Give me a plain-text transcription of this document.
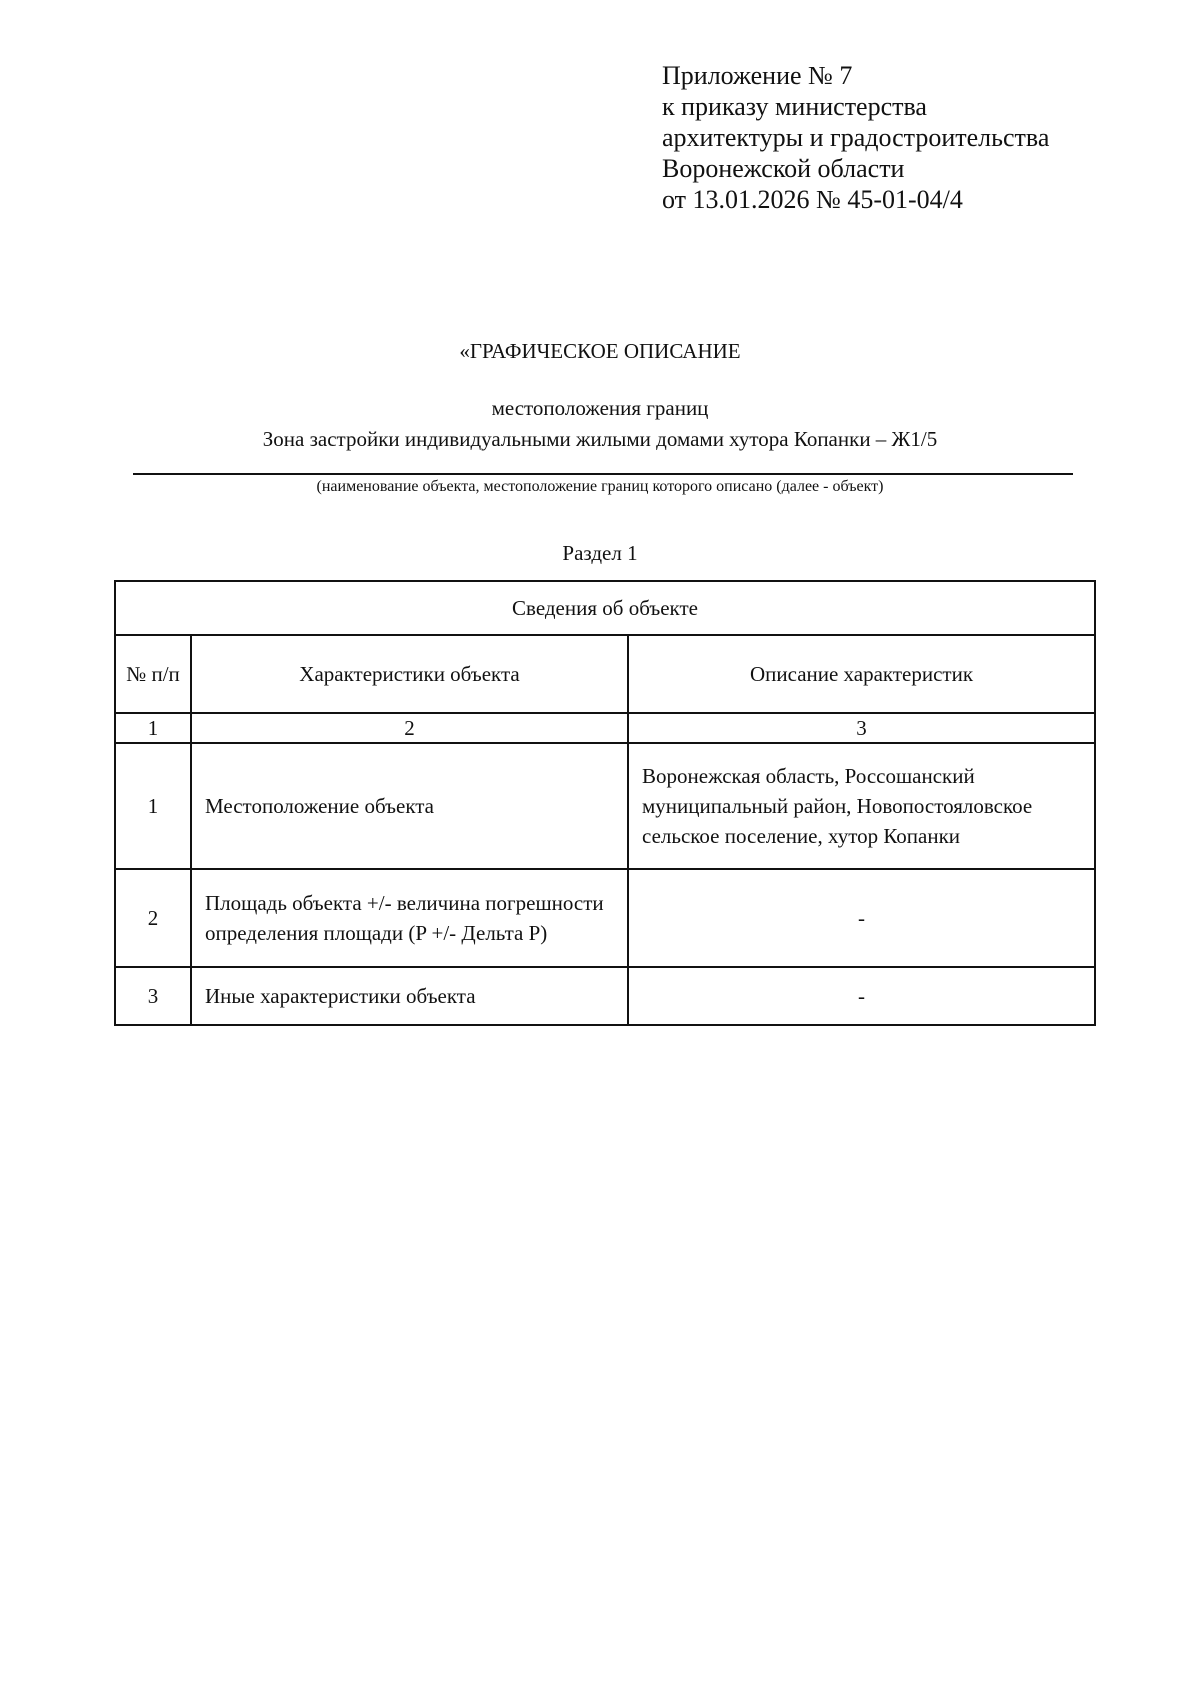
Приложение № 7
к приказу министерства
архитектуры и градостроительства
Воронежской области
от 13.01.2026 № 45-01-04/4
«ГРАФИЧЕСКОЕ ОПИСАНИЕ
местоположения границ
Зона застройки индивидуальными жилыми домами хутора Копанки – Ж1/5
(наименование объекта, местоположение границ которого описано (далее - объект)
Раздел 1
Сведения об объекте		
№ п/п	Характеристики объекта	Описание характеристик
1	2	3
1	Местоположение объекта	Воронежская область, Россошанский муниципальный район, Новопостояловское сельское поселение, хутор Копанки
2	Площадь объекта +/- величина погрешности определения площади (P +/- Дельта P)	-
3	Иные характеристики объекта	-
